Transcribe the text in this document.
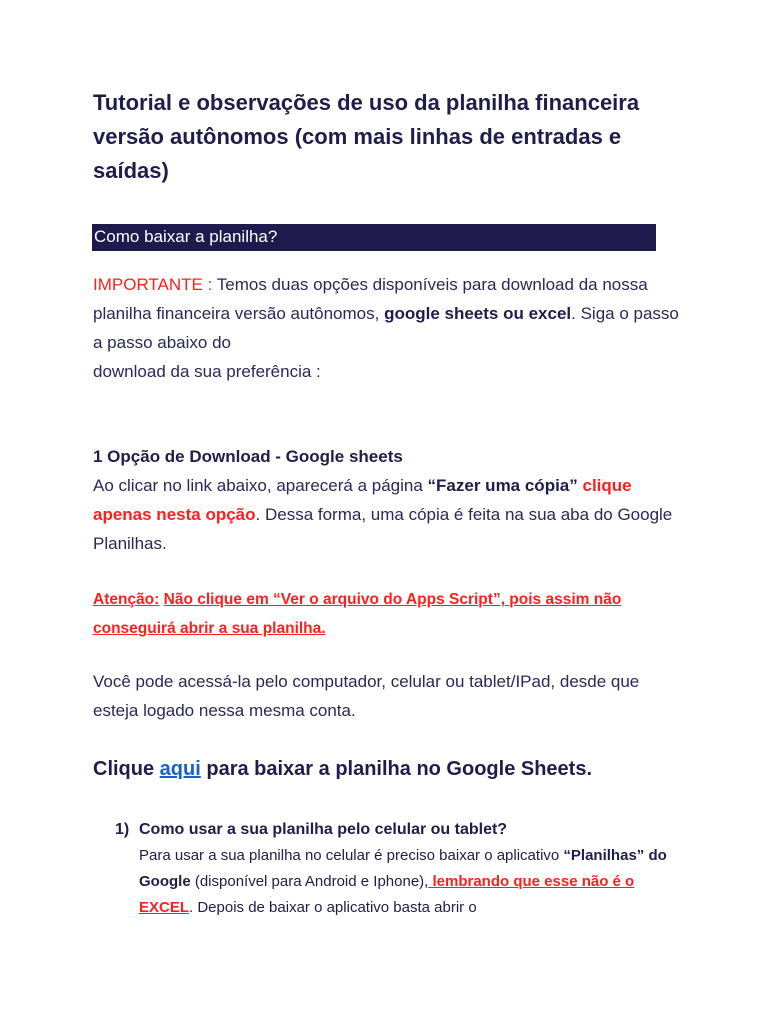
Tutorial e observações de uso da planilha financeira versão autônomos (com mais linhas de entradas e saídas)
Como baixar a planilha?

IMPORTANTE : Temos duas opções disponíveis para download da nossa planilha financeira versão autônomos, google sheets ou excel. Siga o passo a passo abaixo do
download da sua preferência :

1 Opção de Download - Google sheets
Ao clicar no link abaixo, aparecerá a página “Fazer uma cópia” clique apenas nesta opção. Dessa forma, uma cópia é feita na sua aba do Google Planilhas.

Atenção: Não clique em “Ver o arquivo do Apps Script”, pois assim não conseguirá abrir a sua planilha.

Você pode acessá-la pelo computador, celular ou tablet/IPad, desde que esteja logado nessa mesma conta.

Clique aqui para baixar a planilha no Google Sheets.

1) Como usar a sua planilha pelo celular ou tablet?

Para usar a sua planilha no celular é preciso baixar o aplicativo “Planilhas” do Google (disponível para Android e Iphone), lembrando que esse não é o EXCEL. Depois de baixar o aplicativo basta abrir o
